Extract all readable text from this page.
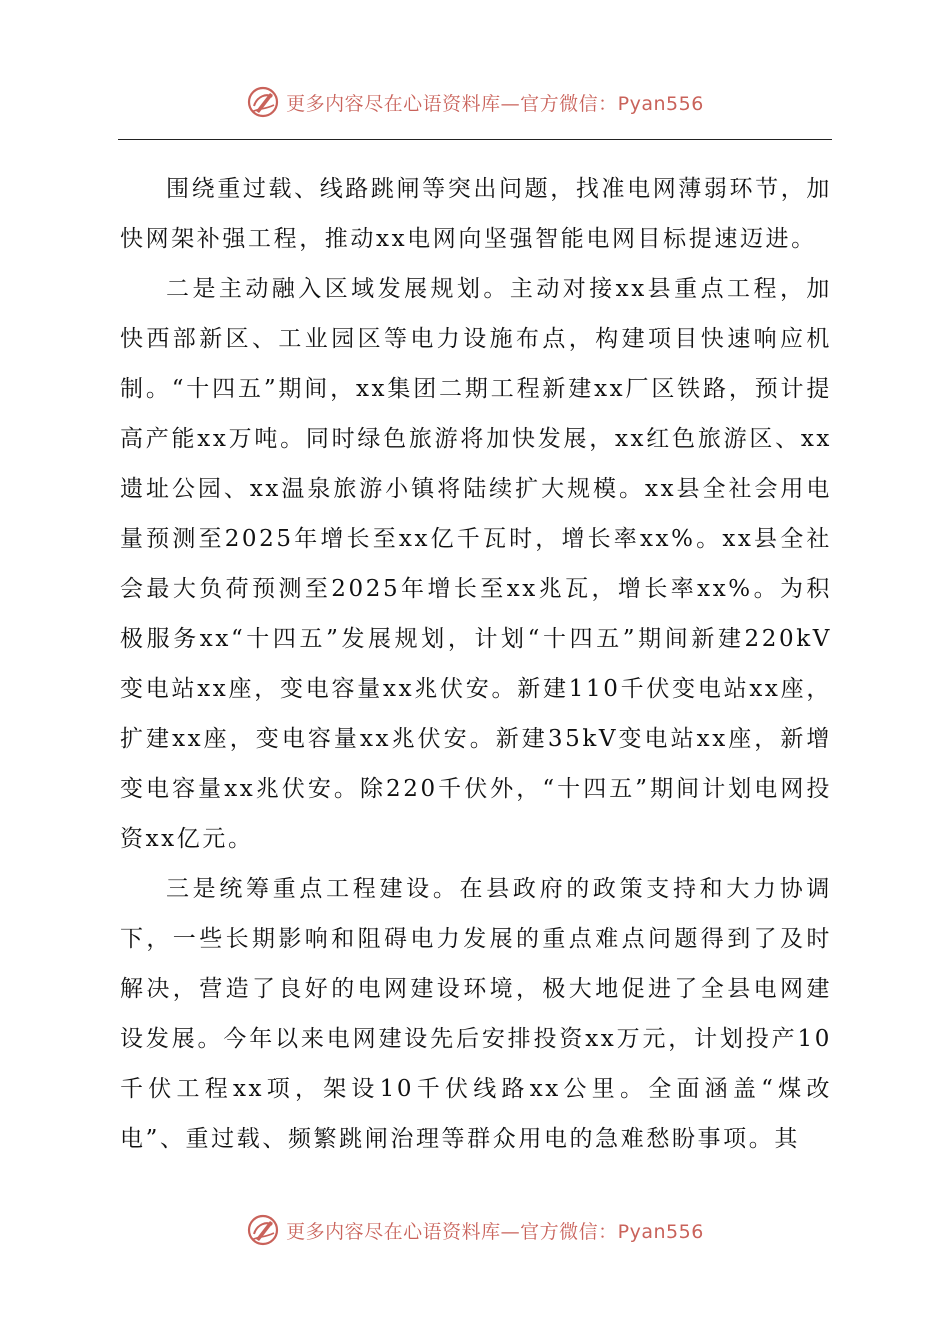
更多内容尽在心语资料库—官方微信：Pyan556

围绕重过载、线路跳闸等突出问题，找准电网薄弱环节，加快网架补强工程，推动xx电网向坚强智能电网目标提速迈进。

二是主动融入区域发展规划。主动对接xx县重点工程，加快西部新区、工业园区等电力设施布点，构建项目快速响应机制。“十四五”期间，xx集团二期工程新建xx厂区铁路，预计提高产能xx万吨。同时绿色旅游将加快发展，xx红色旅游区、xx遗址公园、xx温泉旅游小镇将陆续扩大规模。xx县全社会用电量预测至2025年增长至xx亿千瓦时，增长率xx%。xx县全社会最大负荷预测至2025年增长至xx兆瓦，增长率xx%。为积极服务xx“十四五”发展规划，计划“十四五”期间新建220kV变电站xx座，变电容量xx兆伏安。新建110千伏变电站xx座，扩建xx座，变电容量xx兆伏安。新建35kV变电站xx座，新增变电容量xx兆伏安。除220千伏外，“十四五”期间计划电网投资xx亿元。

三是统筹重点工程建设。在县政府的政策支持和大力协调下，一些长期影响和阻碍电力发展的重点难点问题得到了及时解决，营造了良好的电网建设环境，极大地促进了全县电网建设发展。今年以来电网建设先后安排投资xx万元，计划投产10千伏工程xx项，架设10千伏线路xx公里。全面涵盖“煤改电”、重过载、频繁跳闸治理等群众用电的急难愁盼事项。其

更多内容尽在心语资料库—官方微信：Pyan556
